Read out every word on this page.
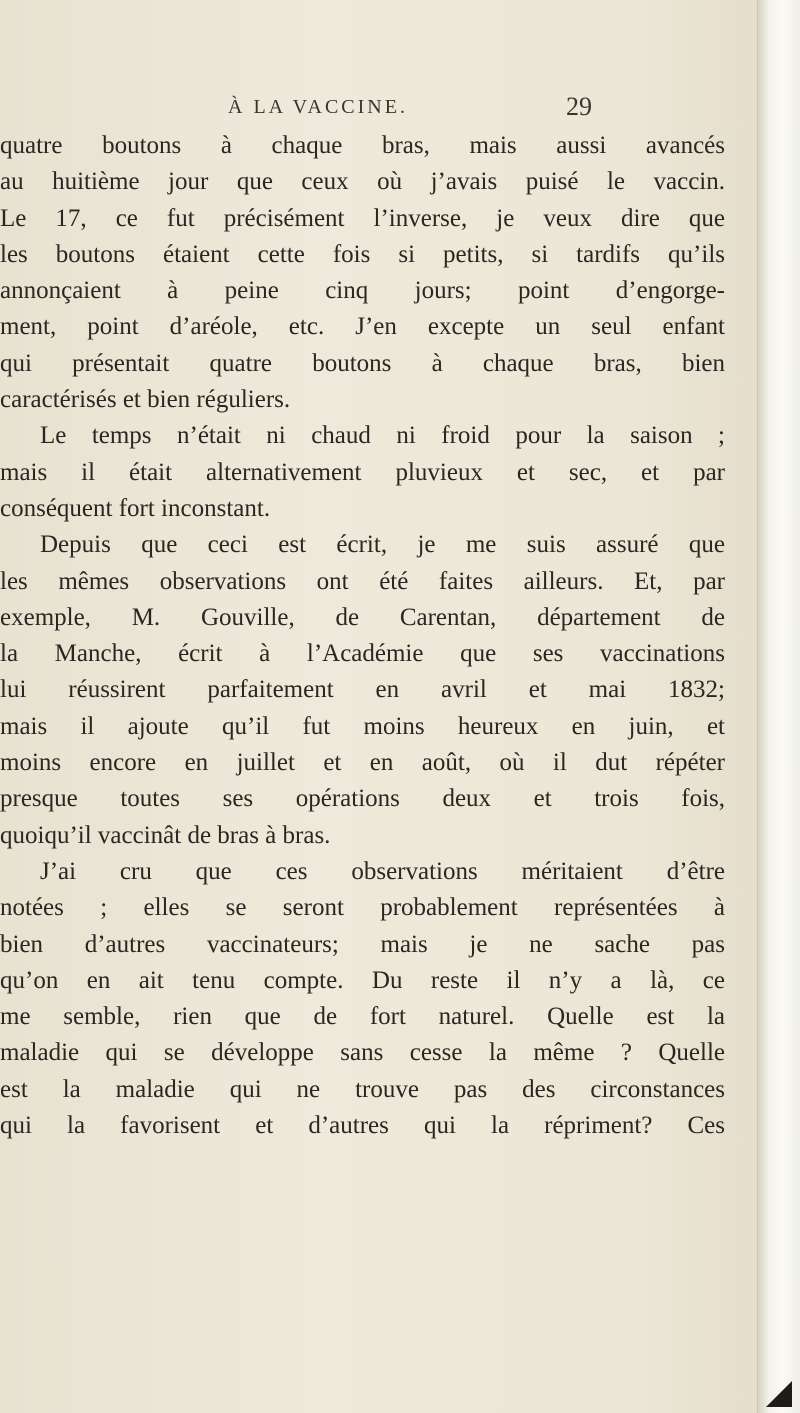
À LA VACCINE.	29
quatre boutons à chaque bras, mais aussi avancés
au huitième jour que ceux où j’avais puisé le vaccin.
Le 17, ce fut précisément l’inverse, je veux dire que
les boutons étaient cette fois si petits, si tardifs qu’ils
annonçaient à peine cinq jours; point d’engorge-
ment, point d’aréole, etc. J’en excepte un seul enfant
qui présentait quatre boutons à chaque bras, bien
caractérisés et bien réguliers.
Le temps n’était ni chaud ni froid pour la saison ;
mais il était alternativement pluvieux et sec, et par
conséquent fort inconstant.
Depuis que ceci est écrit, je me suis assuré que
les mêmes observations ont été faites ailleurs. Et, par
exemple, M. Gouville, de Carentan, département de
la Manche, écrit à l’Académie que ses vaccinations
lui réussirent parfaitement en avril et mai 1832;
mais il ajoute qu’il fut moins heureux en juin, et
moins encore en juillet et en août, où il dut répéter
presque toutes ses opérations deux et trois fois,
quoiqu’il vaccinât de bras à bras.
J’ai cru que ces observations méritaient d’être
notées ; elles se seront probablement représentées à
bien d’autres vaccinateurs; mais je ne sache pas
qu’on en ait tenu compte. Du reste il n’y a là, ce
me semble, rien que de fort naturel. Quelle est la
maladie qui se développe sans cesse la même ? Quelle
est la maladie qui ne trouve pas des circonstances
qui la favorisent et d’autres qui la répriment? Ces
